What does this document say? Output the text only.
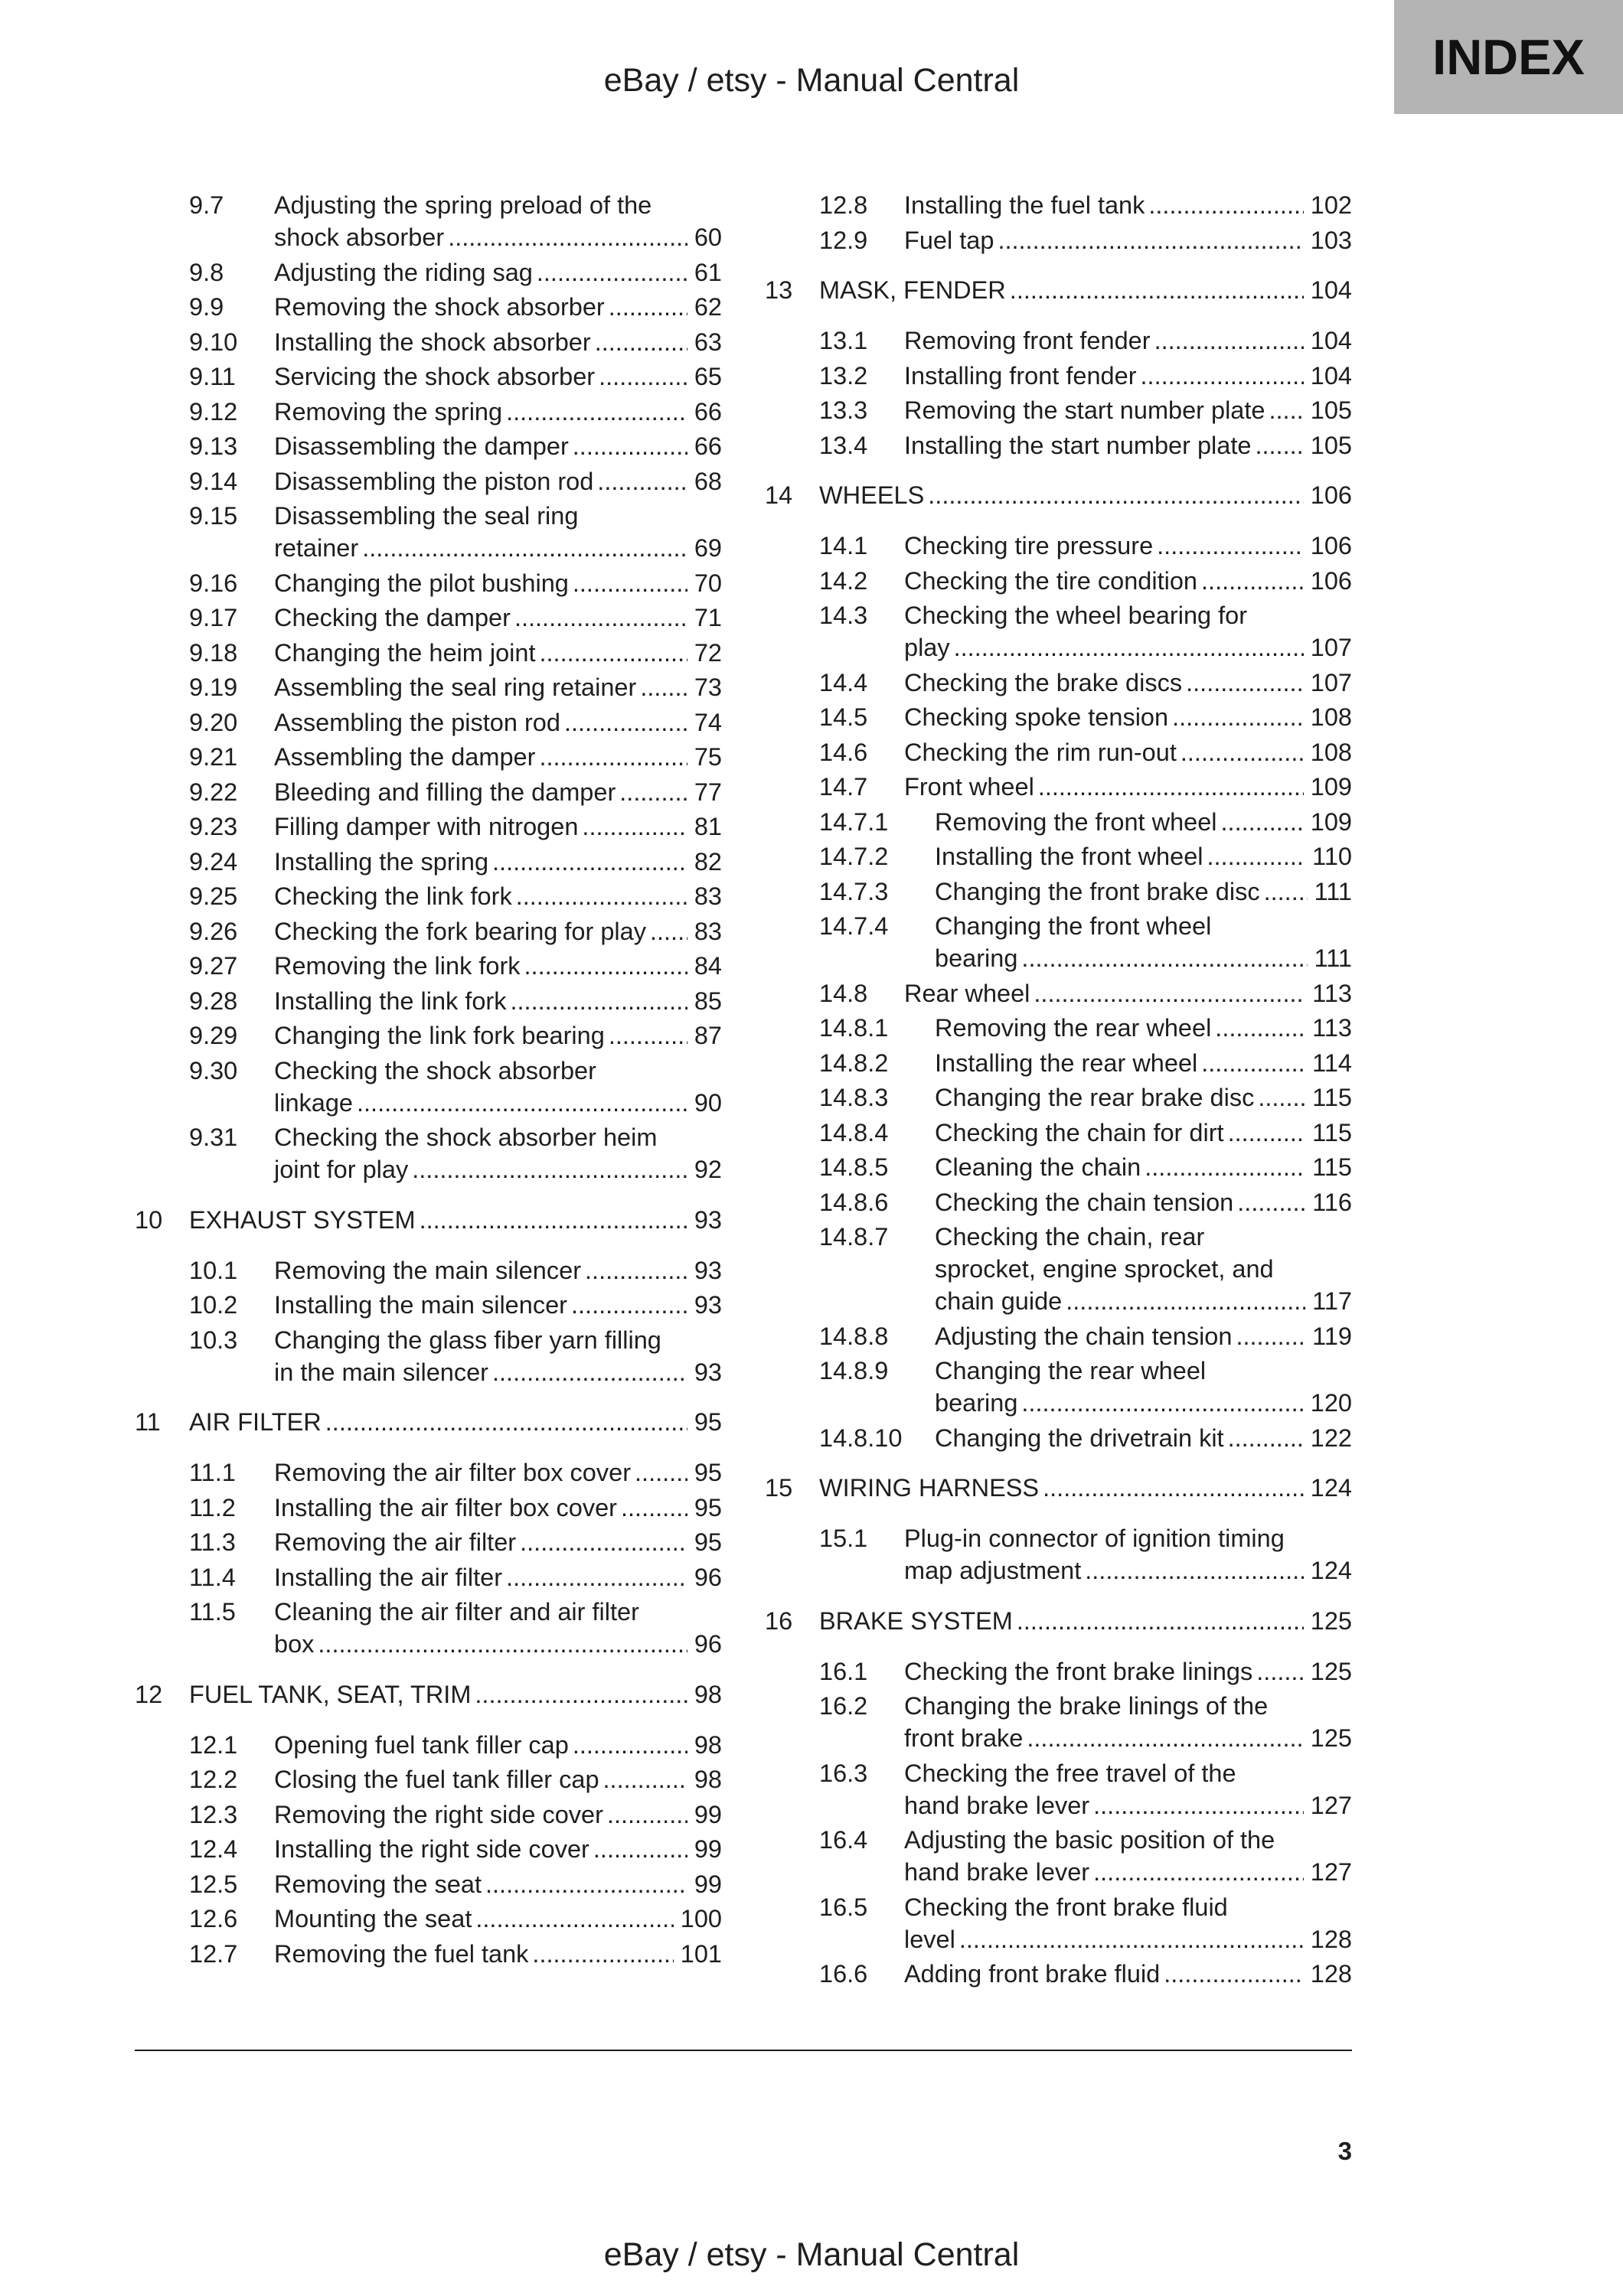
eBay / etsy - Manual Central	INDEX
9.7 Adjusting the spring preload of the
shock absorber .....	60
9.8 Adjusting the riding sag .....	61
9.9 Removing the shock absorber .....	62
9.10 Installing the shock absorber .....	63
9.11 Servicing the shock absorber .....	65
9.12 Removing the spring .....	66
9.13 Disassembling the damper .....	66
9.14 Disassembling the piston rod .....	68
9.15 Disassembling the seal ring
retainer .....	69
9.16 Changing the pilot bushing .....	70
9.17 Checking the damper .....	71
9.18 Changing the heim joint .....	72
9.19 Assembling the seal ring retainer ..... 73
9.20 Assembling the piston rod .....	74
9.21 Assembling the damper .....	75
9.22 Bleeding and filling the damper .....	77
9.23 Filling damper with nitrogen .....	81
9.24 Installing the spring .....	82
9.25 Checking the link fork .....	83
9.26 Checking the fork bearing for play ..... 83
9.27 Removing the link fork .....	84
9.28 Installing the link fork .....	85
9.29 Changing the link fork bearing .....	87
9.30 Checking the shock absorber
linkage .....	90
9.31 Checking the shock absorber heim
joint for play .....	92
10 EXHAUST SYSTEM .....	93
10.1 Removing the main silencer .....	93
10.2 Installing the main silencer .....	93
10.3 Changing the glass fiber yarn filling
in the main silencer .....	93
11 AIR FILTER .....	95
11.1 Removing the air filter box cover .....	95
11.2 Installing the air filter box cover .....	95
11.3 Removing the air filter .....	95
11.4 Installing the air filter .....	96
11.5 Cleaning the air filter and air filter
box .....	96
12 FUEL TANK, SEAT, TRIM .....	98
12.1 Opening fuel tank filler cap .....	98
12.2 Closing the fuel tank filler cap .....	98
12.3 Removing the right side cover .....	99
12.4 Installing the right side cover .....	99
12.5 Removing the seat .....	99
12.6 Mounting the seat .....	100
12.7 Removing the fuel tank .....	101
12.8 Installing the fuel tank .....	102
12.9 Fuel tap .....	103
13 MASK, FENDER .....	104
13.1 Removing front fender .....	104
13.2 Installing front fender .....	104
13.3 Removing the start number plate ..... 105
13.4 Installing the start number plate ..... 105
14 WHEELS .....	106
14.1 Checking tire pressure .....	106
14.2 Checking the tire condition .....	106
14.3 Checking the wheel bearing for
play .....	107
14.4 Checking the brake discs .....	107
14.5 Checking spoke tension .....	108
14.6 Checking the rim run-out .....	108
14.7 Front wheel .....	109
14.7.1 Removing the front wheel .....	109
14.7.2 Installing the front wheel .....	110
14.7.3 Changing the front brake disc ..... 111
14.7.4 Changing the front wheel
bearing .....	111
14.8 Rear wheel .....	113
14.8.1 Removing the rear wheel .....	113
14.8.2 Installing the rear wheel .....	114
14.8.3 Changing the rear brake disc ..... 115
14.8.4 Checking the chain for dirt .....	115
14.8.5 Cleaning the chain .....	115
14.8.6 Checking the chain tension .....	116
14.8.7 Checking the chain, rear
sprocket, engine sprocket, and
chain guide .....	117
14.8.8 Adjusting the chain tension .....	119
14.8.9 Changing the rear wheel
bearing .....	120
14.8.10 Changing the drivetrain kit .....	122
15 WIRING HARNESS .....	124
15.1 Plug-in connector of ignition timing
map adjustment .....	124
16 BRAKE SYSTEM .....	125
16.1 Checking the front brake linings ..... 125
16.2 Changing the brake linings of the
front brake .....	125
16.3 Checking the free travel of the
hand brake lever .....	127
16.4 Adjusting the basic position of the
hand brake lever .....	127
16.5 Checking the front brake fluid
level .....	128
16.6 Adding front brake fluid .....	128
3
eBay / etsy - Manual Central
